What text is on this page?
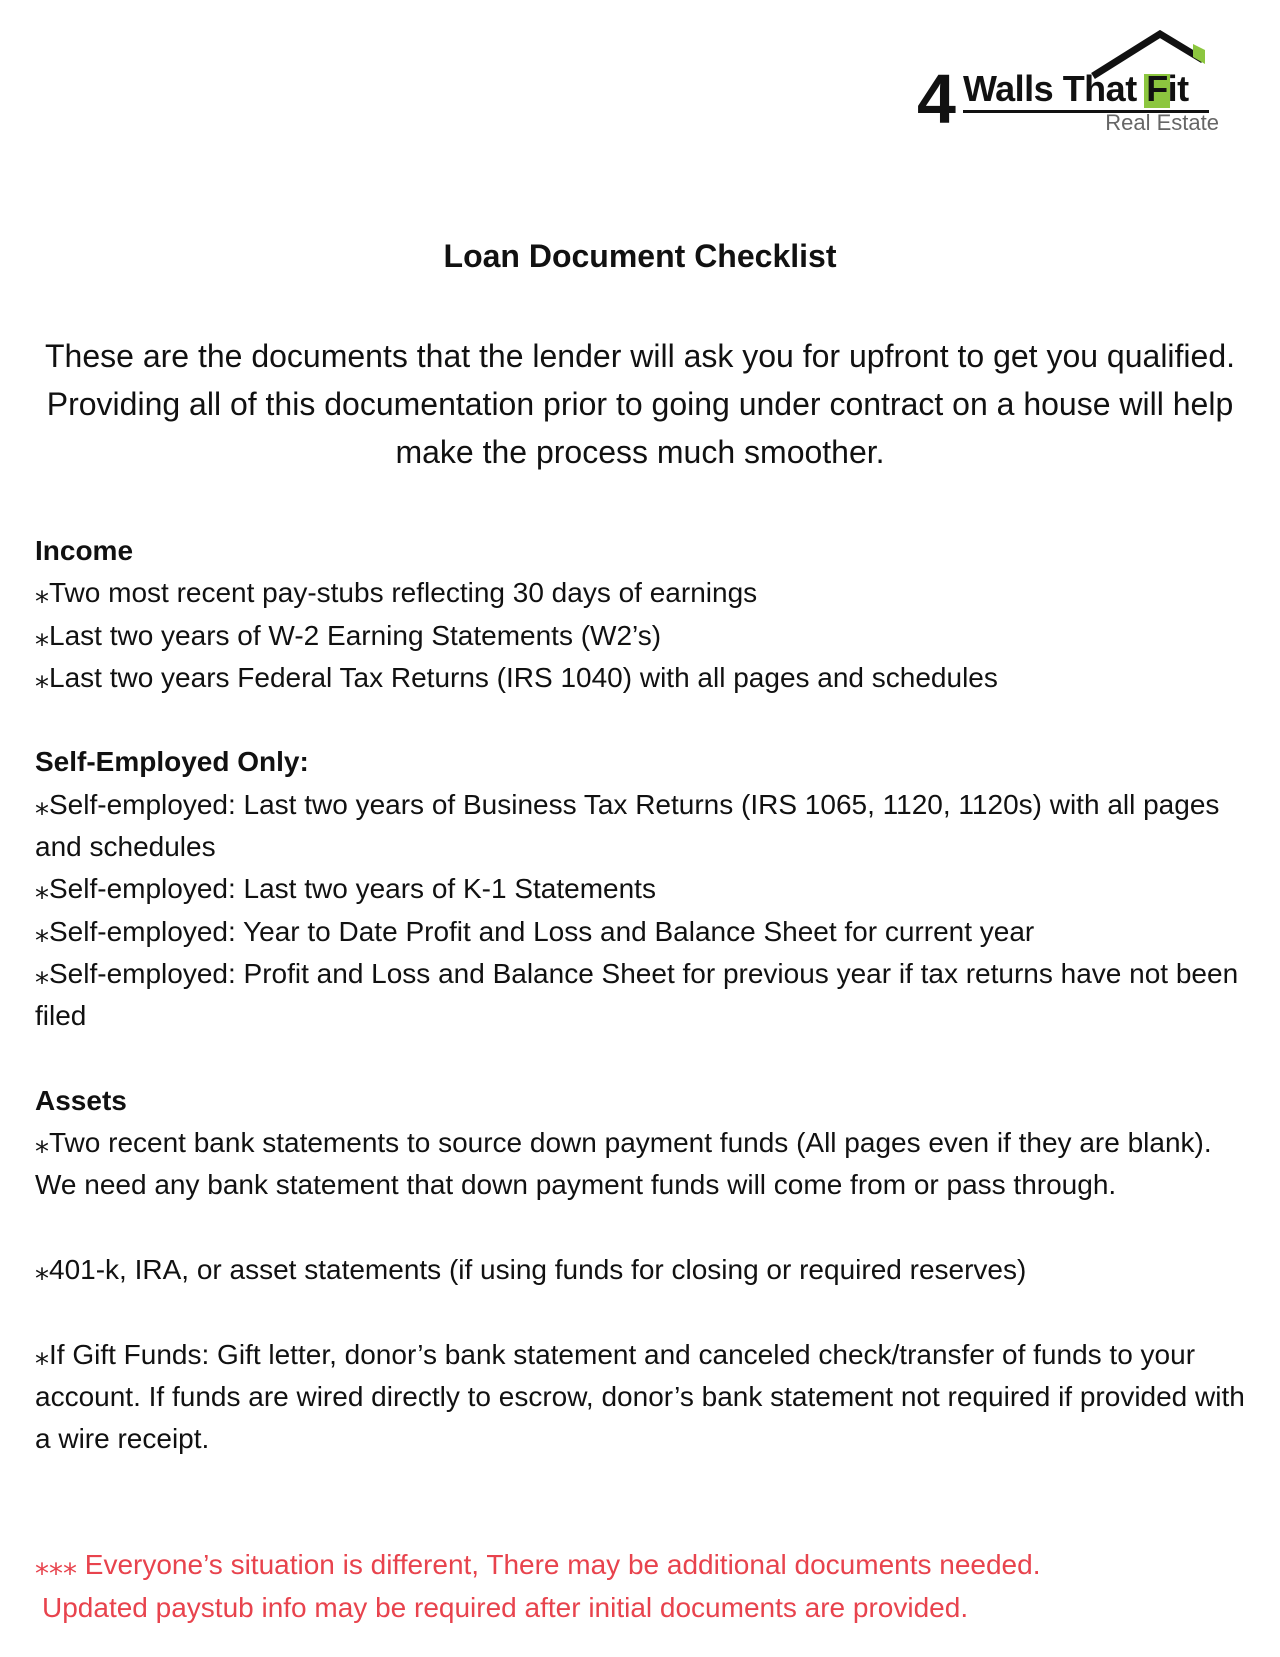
4 Walls That
Fit
Real Estate
Loan Document Checklist
These are the documents that the lender will ask you for upfront to get you qualified. Providing all of this documentation prior to going under contract on a house will help make the process much smoother.
Income

⁎Two most recent pay-stubs reflecting 30 days of earnings

⁎Last two years of W-2 Earning Statements (W2’s)

⁎Last two years Federal Tax Returns (IRS 1040) with all pages and schedules

Self-Employed Only:

⁎Self-employed: Last two years of Business Tax Returns (IRS 1065, 1120, 1120s) with all pages and schedules

⁎Self-employed: Last two years of K-1 Statements

⁎Self-employed: Year to Date Profit and Loss and Balance Sheet for current year

⁎Self-employed: Profit and Loss and Balance Sheet for previous year if tax returns have not been filed

Assets

⁎Two recent bank statements to source down payment funds (All pages even if they are blank). We need any bank statement that down payment funds will come from or pass through.

⁎401-k, IRA, or asset statements (if using funds for closing or required reserves)

⁎If Gift Funds: Gift letter, donor’s bank statement and canceled check/transfer of funds to your account. If funds are wired directly to escrow, donor’s bank statement not required if provided with a wire receipt.

⁎⁎⁎ Everyone’s situation is different, There may be additional documents needed.
Updated paystub info may be required after initial documents are provided.
